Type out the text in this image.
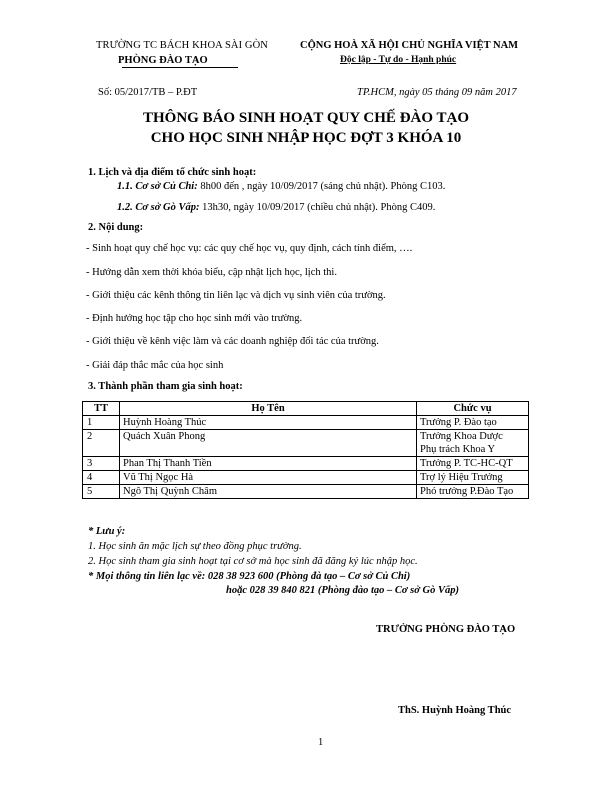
TRƯỜNG TC BÁCH KHOA SÀI GÒN
PHÒNG ĐÀO TẠO
CỘNG HOÀ XÃ HỘI CHỦ NGHĨA VIỆT NAM
Độc lập - Tự do - Hạnh phúc
Số: 05/2017/TB – P.ĐT	TP.HCM, ngày 05 tháng 09 năm 2017
THÔNG BÁO SINH HOẠT QUY CHẾ ĐÀO TẠO
CHO HỌC SINH NHẬP HỌC ĐỢT 3 KHÓA 10
1. Lịch và địa điểm tổ chức sinh hoạt:
1.1. Cơ sở Củ Chi: 8h00 đến , ngày 10/09/2017 (sáng chủ nhật). Phòng C103.
1.2. Cơ sở Gò Vấp: 13h30, ngày 10/09/2017 (chiều chủ nhật). Phòng C409.
2. Nội dung:
- Sinh hoạt quy chế học vụ: các quy chế học vụ, quy định, cách tính điểm, ….
- Hướng dẫn xem thời khóa biểu, cập nhật lịch học, lịch thi.
- Giới thiệu các kênh thông tin liên lạc và dịch vụ sinh viên của trường.
- Định hướng học tập cho học sinh mới vào trường.
- Giới thiệu về kênh việc làm và các doanh nghiệp đối tác của trường.
- Giải đáp thắc mắc của học sinh
3. Thành phần tham gia sinh hoạt:
TT	Họ Tên	Chức vụ
1	Huỳnh Hoàng Thúc	Trưởng P. Đào tạo
2	Quách Xuân Phong	Trưởng Khoa Dược
Phụ trách Khoa Y

3	Phan Thị Thanh Tiền	Trưởng P. TC-HC-QT
4	Vũ Thị Ngọc Hà	Trợ lý Hiệu Trưởng
5	Ngô Thị Quỳnh Châm	Phó trưởng P.Đào Tạo
* Lưu ý:
1. Học sinh ăn mặc lịch sự theo đồng phục trường.
2. Học sinh tham gia sinh hoạt tại cơ sở mà học sinh đã đăng ký lúc nhập học.
* Mọi thông tin liên lạc về: 028 38 923 600 (Phòng đà tạo – Cơ sở Củ Chi)
hoặc 028 39 840 821 (Phòng đào tạo – Cơ sở Gò Vấp)
TRƯỞNG PHÒNG ĐÀO TẠO
ThS. Huỳnh Hoàng Thúc
1
